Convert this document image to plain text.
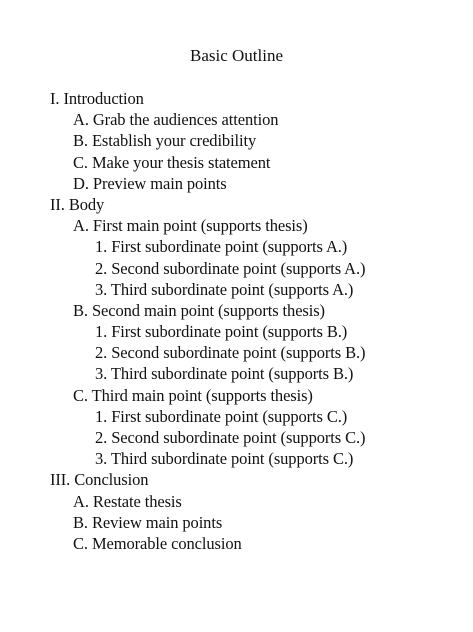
Basic Outline
I. Introduction
A. Grab the audiences attention
B. Establish your credibility
C. Make your thesis statement
D. Preview main points
II. Body
A. First main point (supports thesis)
1. First subordinate point (supports A.)
2. Second subordinate point (supports A.)
3. Third subordinate point (supports A.)
B. Second main point (supports thesis)
1. First subordinate point (supports B.)
2. Second subordinate point (supports B.)
3. Third subordinate point (supports B.)
C. Third main point (supports thesis)
1. First subordinate point (supports C.)
2. Second subordinate point (supports C.)
3. Third subordinate point (supports C.)
III. Conclusion
A. Restate thesis
B. Review main points
C. Memorable conclusion
